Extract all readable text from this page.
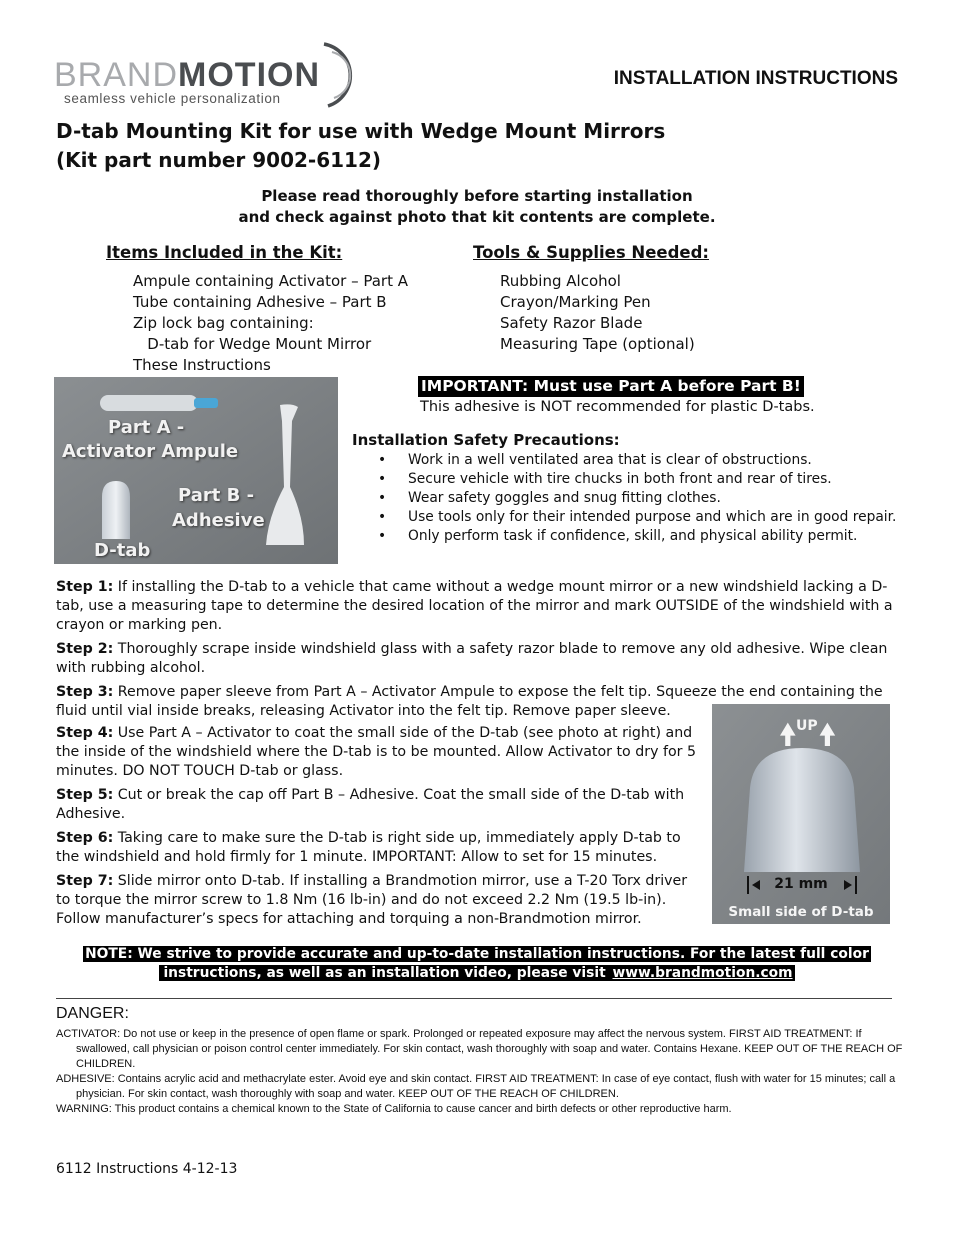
BRANDMOTION
seamless vehicle personalization
INSTALLATION INSTRUCTIONS
D-tab Mounting Kit for use with Wedge Mount Mirrors
(Kit part number 9002-6112)
Please read thoroughly before starting installation
and check against photo that kit contents are complete.
Items Included in the Kit:
Ampule containing Activator – Part A
Tube containing Adhesive – Part B
Zip lock bag containing:
D-tab for Wedge Mount Mirror
These Instructions
Tools & Supplies Needed:
Rubbing Alcohol
Crayon/Marking Pen
Safety Razor Blade
Measuring Tape (optional)
Part A -
Activator Ampule
Part B -
Adhesive
D-tab
IMPORTANT: Must use Part A before Part B!
This adhesive is NOT recommended for plastic D-tabs.
Installation Safety Precautions:
• Work in a well ventilated area that is clear of obstructions.
• Secure vehicle with tire chucks in both front and rear of tires.
• Wear safety goggles and snug fitting clothes.
• Use tools only for their intended purpose and which are in good repair.
• Only perform task if confidence, skill, and physical ability permit.

Step 1: If installing the D-tab to a vehicle that came without a wedge mount mirror or a new windshield lacking a D-tab, use a measuring tape to determine the desired location of the mirror and mark OUTSIDE of the windshield with a crayon or marking pen.

Step 2: Thoroughly scrape inside windshield glass with a safety razor blade to remove any old adhesive. Wipe clean with rubbing alcohol.

Step 3: Remove paper sleeve from Part A – Activator Ampule to expose the felt tip. Squeeze the end containing the fluid until vial inside breaks, releasing Activator into the felt tip. Remove paper sleeve.

Step 4: Use Part A – Activator to coat the small side of the D-tab (see photo at right) and the inside of the windshield where the D-tab is to be mounted. Allow Activator to dry for 5 minutes. DO NOT TOUCH D-tab or glass.

Step 5: Cut or break the cap off Part B – Adhesive. Coat the small side of the D-tab with Adhesive.

Step 6: Taking care to make sure the D-tab is right side up, immediately apply D-tab to the windshield and hold firmly for 1 minute. IMPORTANT: Allow to set for 15 minutes.

Step 7: Slide mirror onto D-tab. If installing a Brandmotion mirror, use a T-20 Torx driver to torque the mirror screw to 1.8 Nm (16 lb-in) and do not exceed 2.2 Nm (19.5 lb-in). Follow manufacturer’s specs for attaching and torquing a non-Brandmotion mirror.

UP
21 mm
Small side of D-tab
NOTE: We strive to provide accurate and up-to-date installation instructions. For the latest full color
instructions, as well as an installation video, please visit www.brandmotion.com
DANGER:

ACTIVATOR: Do not use or keep in the presence of open flame or spark. Prolonged or repeated exposure may affect the nervous system. FIRST AID TREATMENT: If swallowed, call physician or poison control center immediately. For skin contact, wash thoroughly with soap and water. Contains Hexane. KEEP OUT OF THE REACH OF CHILDREN.

ADHESIVE: Contains acrylic acid and methacrylate ester. Avoid eye and skin contact. FIRST AID TREATMENT: In case of eye contact, flush with water for 15 minutes; call a physician. For skin contact, wash thoroughly with soap and water. KEEP OUT OF THE REACH OF CHILDREN.

WARNING: This product contains a chemical known to the State of California to cause cancer and birth defects or other reproductive harm.

6112 Instructions 4-12-13
